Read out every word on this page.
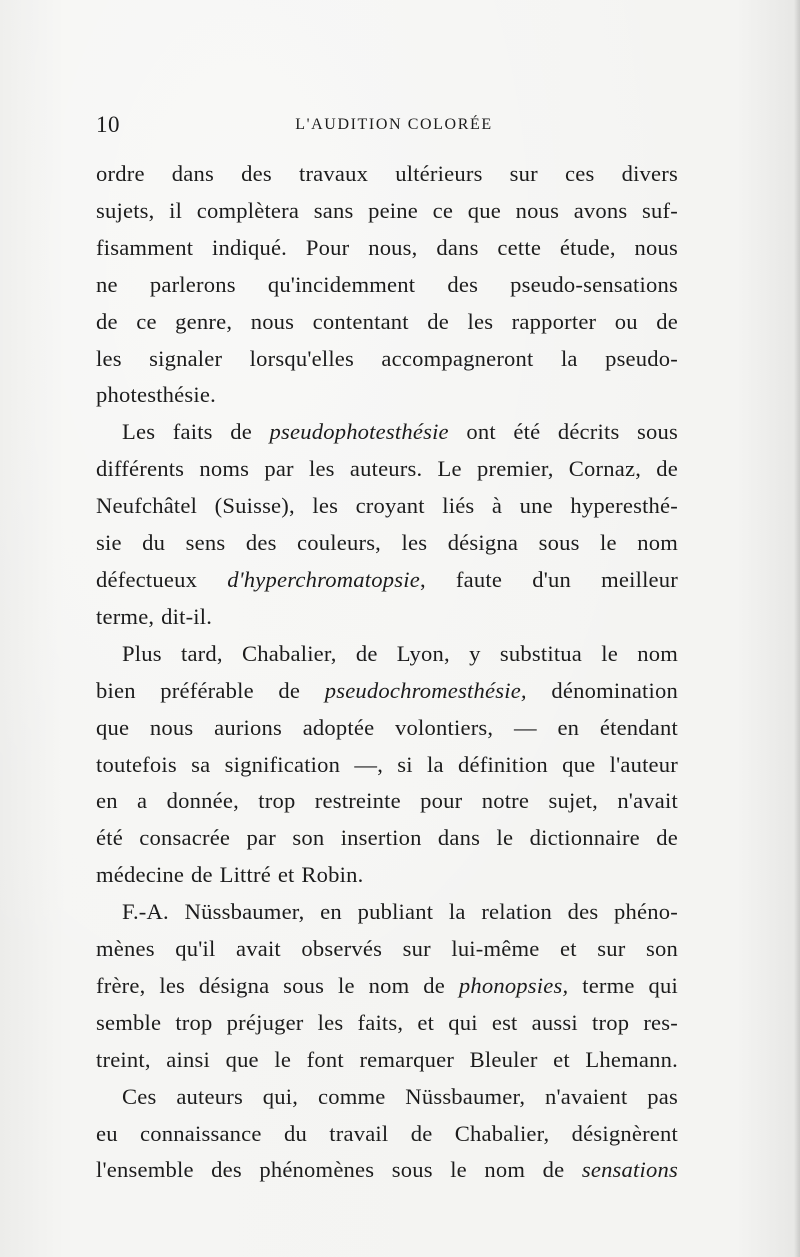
10	L'AUDITION COLORÉE
ordre dans des travaux ultérieurs sur ces divers
sujets, il complètera sans peine ce que nous avons suf-
fisamment indiqué. Pour nous, dans cette étude, nous
ne parlerons qu'incidemment des pseudo-sensations
de ce genre, nous contentant de les rapporter ou de
les signaler lorsqu'elles accompagneront la pseudo-
photesthésie.
Les faits de pseudophotesthésie ont été décrits sous
différents noms par les auteurs. Le premier, Cornaz, de
Neufchâtel (Suisse), les croyant liés à une hyperesthé-
sie du sens des couleurs, les désigna sous le nom
défectueux d'hyperchromatopsie, faute d'un meilleur
terme, dit-il.
Plus tard, Chabalier, de Lyon, y substitua le nom
bien préférable de pseudochromesthésie, dénomination
que nous aurions adoptée volontiers, — en étendant
toutefois sa signification —, si la définition que l'auteur
en a donnée, trop restreinte pour notre sujet, n'avait
été consacrée par son insertion dans le dictionnaire de
médecine de Littré et Robin.
F.-A. Nüssbaumer, en publiant la relation des phéno-
mènes qu'il avait observés sur lui-même et sur son
frère, les désigna sous le nom de phonopsies, terme qui
semble trop préjuger les faits, et qui est aussi trop res-
treint, ainsi que le font remarquer Bleuler et Lhemann.
Ces auteurs qui, comme Nüssbaumer, n'avaient pas
eu connaissance du travail de Chabalier, désignèrent
l'ensemble des phénomènes sous le nom de sensations
